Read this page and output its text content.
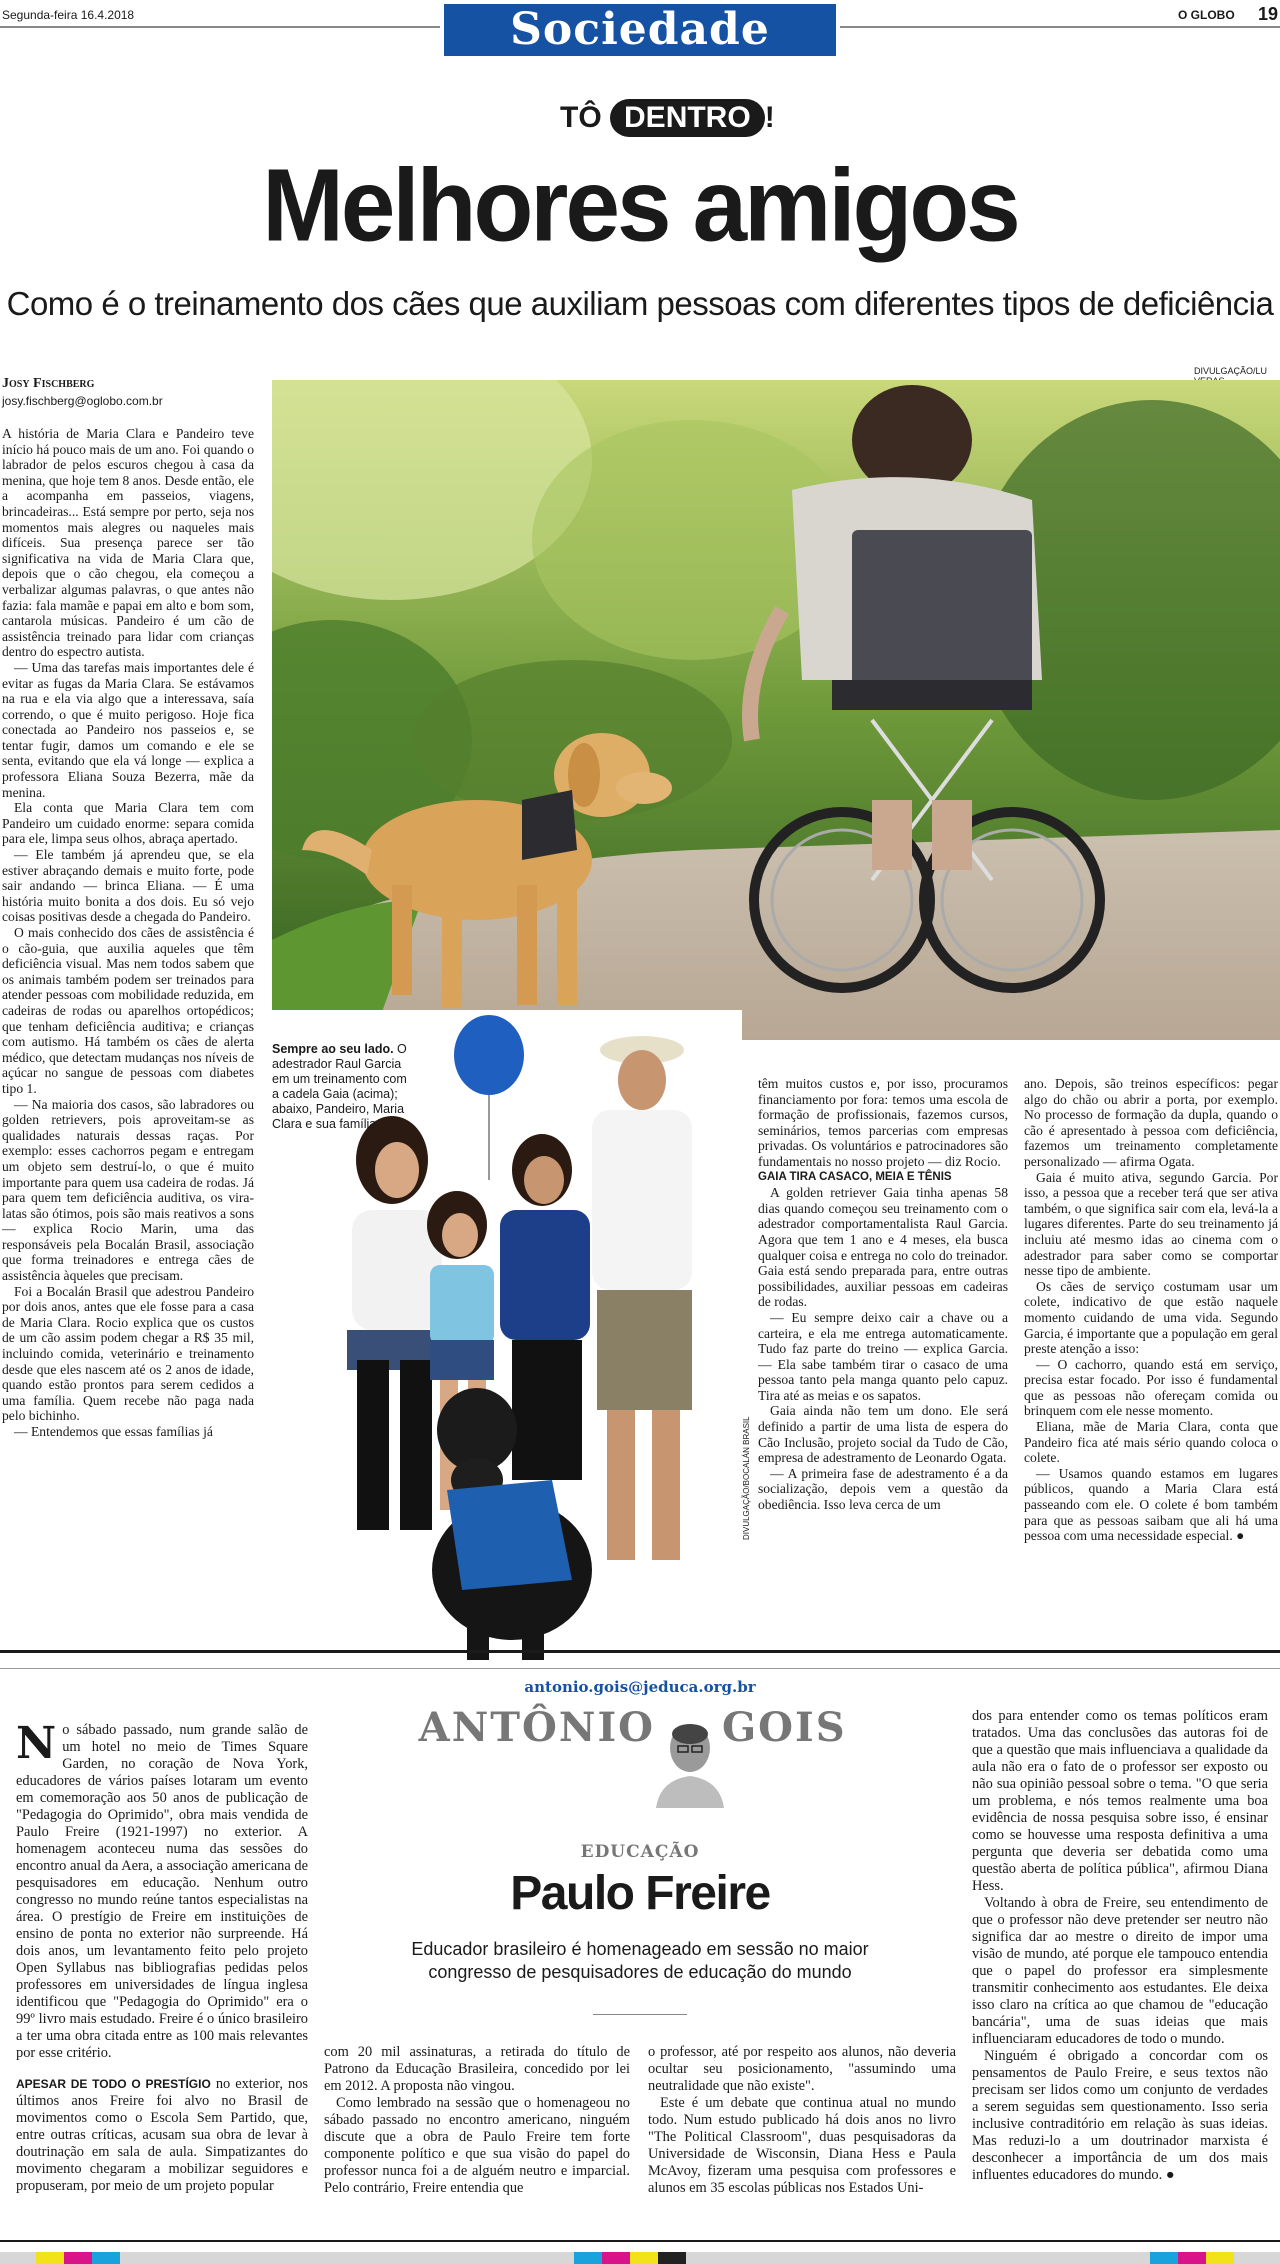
Segunda-feira 16.4.2018	Sociedade	O GLOBO 19
TÔ DENTRO !
Melhores amigos
Como é o treinamento dos cães que auxiliam pessoas com diferentes tipos de deficiência
Josy Fischberg
josy.fischberg@oglobo.com.br
DIVULGAÇÃO/LU
DIVULGAÇÃO/BOCALÁN BRASIL
Sempre ao seu lado. O adestrador Raul Garcia em um treinamento com a cadela Gaia (acima); abaixo, Pandeiro, Maria Clara e sua família

A história de Maria Clara e Pandeiro teve início há pouco mais de um ano. Foi quando o labrador de pelos escuros chegou à casa da menina, que hoje tem 8 anos. Desde então, ele a acompanha em passeios, viagens, brincadeiras... Está sempre por perto, seja nos momentos mais alegres ou naqueles mais difíceis. Sua presença parece ser tão significativa na vida de Maria Clara que, depois que o cão chegou, ela começou a verbalizar algumas palavras, o que antes não fazia: fala mamãe e papai em alto e bom som, cantarola músicas. Pandeiro é um cão de assistência treinado para lidar com crianças dentro do espectro autista.

— Uma das tarefas mais importantes dele é evitar as fugas da Maria Clara. Se estávamos na rua e ela via algo que a interessava, saía correndo, o que é muito perigoso. Hoje fica conectada ao Pandeiro nos passeios e, se tentar fugir, damos um comando e ele se senta, evitando que ela vá longe — explica a professora Eliana Souza Bezerra, mãe da menina.

Ela conta que Maria Clara tem com Pandeiro um cuidado enorme: separa comida para ele, limpa seus olhos, abraça apertado.

— Ele também já aprendeu que, se ela estiver abraçando demais e muito forte, pode sair andando — brinca Eliana. — É uma história muito bonita a dos dois. Eu só vejo coisas positivas desde a chegada do Pandeiro.

O mais conhecido dos cães de assistência é o cão-guia, que auxilia aqueles que têm deficiência visual. Mas nem todos sabem que os animais também podem ser treinados para atender pessoas com mobilidade reduzida, em cadeiras de rodas ou aparelhos ortopédicos; que tenham deficiência auditiva; e crianças com autismo. Há também os cães de alerta médico, que detectam mudanças nos níveis de açúcar no sangue de pessoas com diabetes tipo 1.

— Na maioria dos casos, são labradores ou golden retrievers, pois aproveitam-se as qualidades naturais dessas raças. Por exemplo: esses cachorros pegam e entregam um objeto sem destruí-lo, o que é muito importante para quem usa cadeira de rodas. Já para quem tem deficiência auditiva, os vira-latas são ótimos, pois são mais reativos a sons — explica Rocio Marin, uma das responsáveis pela Bocalán Brasil, associação que forma treinadores e entrega cães de assistência àqueles que precisam.

Foi a Bocalán Brasil que adestrou Pandeiro por dois anos, antes que ele fosse para a casa de Maria Clara. Rocio explica que os custos de um cão assim podem chegar a R$ 35 mil, incluindo comida, veterinário e treinamento desde que eles nascem até os 2 anos de idade, quando estão prontos para serem cedidos a uma família. Quem recebe não paga nada pelo bichinho.

— Entendemos que essas famílias já

têm muitos custos e, por isso, procuramos financiamento por fora: temos uma escola de formação de profissionais, fazemos cursos, seminários, temos parcerias com empresas privadas. Os voluntários e patrocinadores são fundamentais no nosso projeto — diz Rocio.

GAIA TIRA CASACO, MEIA E TÊNIS

A golden retriever Gaia tinha apenas 58 dias quando começou seu treinamento com o adestrador comportamentalista Raul Garcia. Agora que tem 1 ano e 4 meses, ela busca qualquer coisa e entrega no colo do treinador. Gaia está sendo preparada para, entre outras possibilidades, auxiliar pessoas em cadeiras de rodas.

— Eu sempre deixo cair a chave ou a carteira, e ela me entrega automaticamente. Tudo faz parte do treino — explica Garcia. — Ela sabe também tirar o casaco de uma pessoa tanto pela manga quanto pelo capuz. Tira até as meias e os sapatos.

Gaia ainda não tem um dono. Ele será definido a partir de uma lista de espera do Cão Inclusão, projeto social da Tudo de Cão, empresa de adestramento de Leonardo Ogata.

— A primeira fase de adestramento é a da socialização, depois vem a questão da obediência. Isso leva cerca de um

ano. Depois, são treinos específicos: pegar algo do chão ou abrir a porta, por exemplo. No processo de formação da dupla, quando o cão é apresentado à pessoa com deficiência, fazemos um treinamento completamente personalizado — afirma Ogata.

Gaia é muito ativa, segundo Garcia. Por isso, a pessoa que a receber terá que ser ativa também, o que significa sair com ela, levá-la a lugares diferentes. Parte do seu treinamento já incluiu até mesmo idas ao cinema com o adestrador para saber como se comportar nesse tipo de ambiente.

Os cães de serviço costumam usar um colete, indicativo de que estão naquele momento cuidando de uma vida. Segundo Garcia, é importante que a população em geral preste atenção a isso:

— O cachorro, quando está em serviço, precisa estar focado. Por isso é fundamental que as pessoas não ofereçam comida ou brinquem com ele nesse momento.

Eliana, mãe de Maria Clara, conta que Pandeiro fica até mais sério quando coloca o colete.

— Usamos quando estamos em lugares públicos, quando a Maria Clara está passeando com ele. O colete é bom também para que as pessoas saibam que ali há uma pessoa com uma necessidade especial. ●

antonio.gois@jeduca.org.br
ANTÔNIO GOIS
EDUCAÇÃO
Paulo Freire
Educador brasileiro é homenageado em sessão no maior congresso de pesquisadores de educação do mundo

No sábado passado, num grande salão de um hotel no meio de Times Square Garden, no coração de Nova York, educadores de vários países lotaram um evento em comemoração aos 50 anos de publicação de "Pedagogia do Oprimido", obra mais vendida de Paulo Freire (1921-1997) no exterior. A homenagem aconteceu numa das sessões do encontro anual da Aera, a associação americana de pesquisadores em educação. Nenhum outro congresso no mundo reúne tantos especialistas na área. O prestígio de Freire em instituições de ensino de ponta no exterior não surpreende. Há dois anos, um levantamento feito pelo projeto Open Syllabus nas bibliografias pedidas pelos professores em universidades de língua inglesa identificou que "Pedagogia do Oprimido" era o 99º livro mais estudado. Freire é o único brasileiro a ter uma obra citada entre as 100 mais relevantes por esse critério.

APESAR DE TODO O PRESTÍGIO no exterior, nos últimos anos Freire foi alvo no Brasil de movimentos como o Escola Sem Partido, que, entre outras críticas, acusam sua obra de levar à doutrinação em sala de aula. Simpatizantes do movimento chegaram a mobilizar seguidores e propuseram, por meio de um projeto popular

com 20 mil assinaturas, a retirada do título de Patrono da Educação Brasileira, concedido por lei em 2012. A proposta não vingou.

Como lembrado na sessão que o homenageou no sábado passado no encontro americano, ninguém discute que a obra de Paulo Freire tem forte componente político e que sua visão do papel do professor nunca foi a de alguém neutro e imparcial. Pelo contrário, Freire entendia que

o professor, até por respeito aos alunos, não deveria ocultar seu posicionamento, "assumindo uma neutralidade que não existe".

Este é um debate que continua atual no mundo todo. Num estudo publicado há dois anos no livro "The Political Classroom", duas pesquisadoras da Universidade de Wisconsin, Diana Hess e Paula McAvoy, fizeram uma pesquisa com professores e alunos em 35 escolas públicas nos Estados Uni-

dos para entender como os temas políticos eram tratados. Uma das conclusões das autoras foi de que a questão que mais influenciava a qualidade da aula não era o fato de o professor ser exposto ou não sua opinião pessoal sobre o tema. "O que seria um problema, e nós temos realmente uma boa evidência de nossa pesquisa sobre isso, é ensinar como se houvesse uma resposta definitiva a uma pergunta que deveria ser debatida como uma questão aberta de política pública", afirmou Diana Hess.

Voltando à obra de Freire, seu entendimento de que o professor não deve pretender ser neutro não significa dar ao mestre o direito de impor uma visão de mundo, até porque ele tampouco entendia que o papel do professor era simplesmente transmitir conhecimento aos estudantes. Ele deixa isso claro na crítica ao que chamou de "educação bancária", uma de suas ideias que mais influenciaram educadores de todo o mundo.

Ninguém é obrigado a concordar com os pensamentos de Paulo Freire, e seus textos não precisam ser lidos como um conjunto de verdades a serem seguidas sem questionamento. Isso seria inclusive contraditório em relação às suas ideias. Mas reduzi-lo a um doutrinador marxista é desconhecer a importância de um dos mais influentes educadores do mundo. ●
